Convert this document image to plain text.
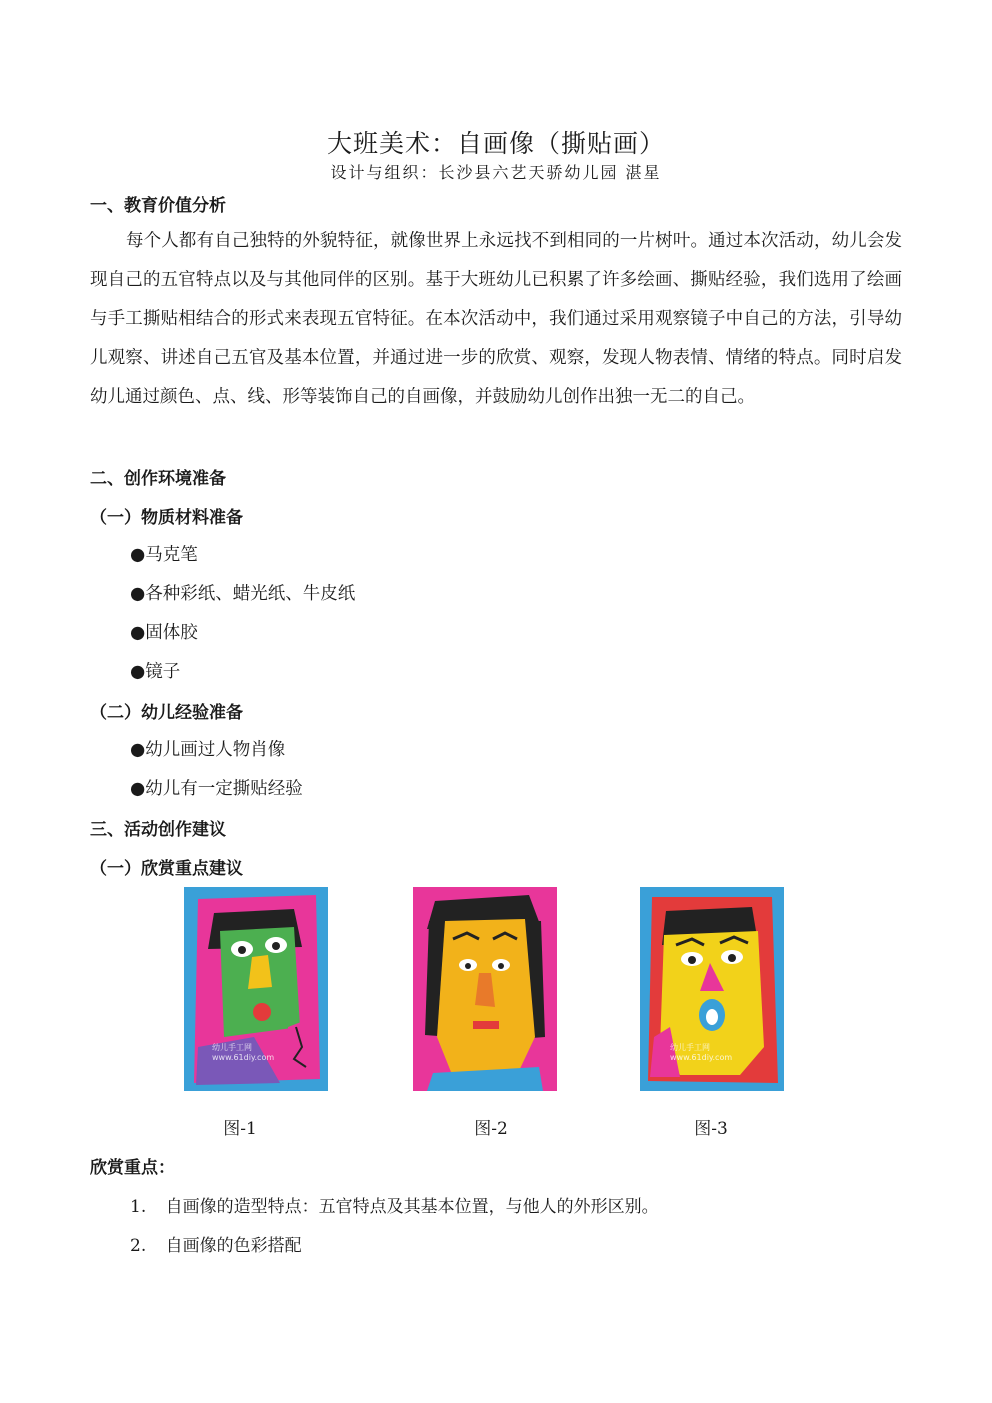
大班美术：自画像（撕贴画）
设计与组织：长沙县六艺天骄幼儿园 湛星
一、教育价值分析
每个人都有自己独特的外貌特征，就像世界上永远找不到相同的一片树叶。通过本次活动，幼儿会发现自己的五官特点以及与其他同伴的区别。基于大班幼儿已积累了许多绘画、撕贴经验，我们选用了绘画与手工撕贴相结合的形式来表现五官特征。在本次活动中，我们通过采用观察镜子中自己的方法，引导幼儿观察、讲述自己五官及基本位置，并通过进一步的欣赏、观察，发现人物表情、情绪的特点。同时启发幼儿通过颜色、点、线、形等装饰自己的自画像，并鼓励幼儿创作出独一无二的自己。
二、创作环境准备
（一）物质材料准备
●马克笔
●各种彩纸、蜡光纸、牛皮纸
●固体胶
●镜子
（二）幼儿经验准备
●幼儿画过人物肖像
●幼儿有一定撕贴经验
三、活动创作建议
（一）欣赏重点建议
幼儿手工网
www.61diy.com
幼儿手工网
www.61diy.com
图-1	图-2	图-3
欣赏重点：
1. 自画像的造型特点：五官特点及其基本位置，与他人的外形区别。
2. 自画像的色彩搭配
